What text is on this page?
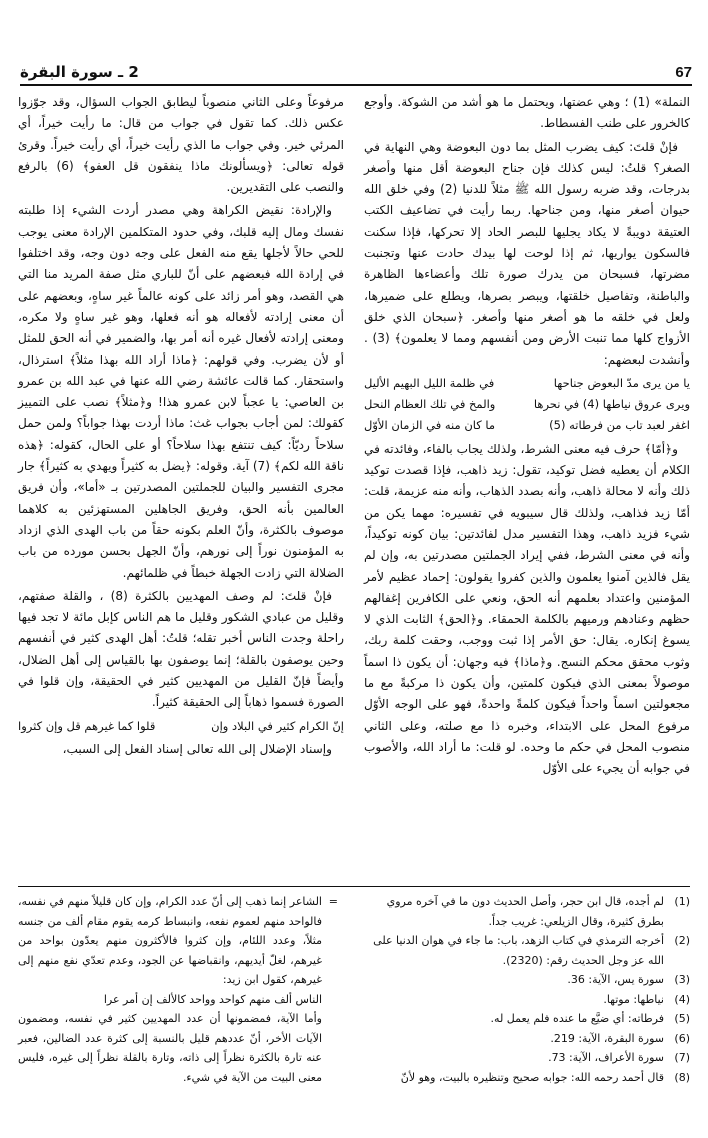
67
2 ـ سورة البقرة

النملة» (1) ؛ وهي عضتها، ويحتمل ما هو أشد من الشوكة. وأوجع كالخرور على طنب الفسطاط.

فإنْ قلتَ: كيف يضرب المثل بما دون البعوضة وهي النهاية في الصغر؟ قلتُ: ليس كذلك فإن جناح البعوضة أقل منها وأصغر بدرجات، وقد ضربه رسول الله ﷺ مثلاً للدنيا (2) وفي خلق الله حيوان أصغر منها، ومن جناحها. ربما رأيت في تضاعيف الكتب العتيقة دويبةً لا يكاد يجليها للبصر الحاد إلا تحركها، فإذا سكنت فالسكون يواريها، ثم إذا لوحت لها بيدك حادت عنها وتجنبت مضرتها، فسبحان من يدرك صورة تلك وأعضاءها الظاهرة والباطنة، وتفاصيل خلقتها، ويبصر بصرها، ويطلع على ضميرها، ولعل في خلقه ما هو أصغر منها وأصغر. ﴿سبحان الذي خلق الأزواج كلها مما تنبت الأرض ومن أنفسهم ومما لا يعلمون﴾ (3) . وأنشدت لبعضهم:

يا من يرى مدّ البعوض جناحها
في ظلمة الليل البهيم الأليل
ويرى عروق نياطها (4) في نحرها
والمخ في تلك العظام النحل
اغفر لعبد تاب من فرطاته (5)
ما كان منه في الزمان الأوّل

و﴿أمّا﴾ حرف فيه معنى الشرط، ولذلك يجاب بالفاء، وفائدته في الكلام أن يعطيه فضل توكيد، تقول: زيد ذاهب، فإذا قصدت توكيد ذلك وأنه لا محالة ذاهب، وأنه بصدد الذهاب، وأنه منه عزيمة، قلت: أمّا زيد فذاهب، ولذلك قال سيبويه في تفسيره: مهما يكن من شيء فزيد ذاهب، وهذا التفسير مدل لفائدتين: بيان كونه توكيداً، وأنه في معنى الشرط، ففي إيراد الجملتين مصدرتين به، وإن لم يقل فالذين آمنوا يعلمون والذين كفروا يقولون: إحماد عظيم لأمر المؤمنين واعتداد بعلمهم أنه الحق، ونعي على الكافرين إغفالهم حظهم وعنادهم ورميهم بالكلمة الحمقاء. و﴿الحق﴾ الثابت الذي لا يسوغ إنكاره. يقال: حق الأمر إذا ثبت ووجب، وحقت كلمة ربك، وثوب محقق محكم النسج. و﴿ماذا﴾ فيه وجهان: أن يكون ذا اسماً موصولاً بمعنى الذي فيكون كلمتين، وأن يكون ذا مركبةً مع ما مجعولتين اسماً واحداً فيكون كلمةً واحدةً، فهو على الوجه الأوّل مرفوع المحل على الابتداء، وخبره ذا مع صلته، وعلى الثاني منصوب المحل في حكم ما وحده. لو قلت: ما أراد الله، والأصوب في جوابه أن يجيء على الأوّل

مرفوعاً وعلى الثاني منصوباً ليطابق الجواب السؤال، وقد جوّزوا عكس ذلك. كما تقول في جواب من قال: ما رأيت خيراً، أي المرئي خير. وفي جواب ما الذي رأيت خيراً، أي رأيت خيراً. وقرئ قوله تعالى: ﴿ويسألونك ماذا ينفقون قل العفو﴾ (6) بالرفع والنصب على التقديرين.

والإرادة: نقيض الكراهة وهي مصدر أردت الشيء إذا طلبته نفسك ومال إليه قلبك، وفي حدود المتكلمين الإرادة معنى يوجب للحي حالاً لأجلها يقع منه الفعل على وجه دون وجه، وقد اختلفوا في إرادة الله فبعضهم على أنّ للباري مثل صفة المريد منا التي هي القصد، وهو أمر زائد على كونه عالماً غير ساهٍ، وبعضهم على أن معنى إرادته لأفعاله هو أنه فعلها، وهو غير ساهٍ ولا مكره، ومعنى إرادته لأفعال غيره أنه أمر بها، والضمير في أنه الحق للمثل أو لأن يضرب. وفي قولهم: ﴿ماذا أراد الله بهذا مثلاً﴾ استرذال، واستحقار. كما قالت عائشة رضي الله عنها في عبد الله بن عمرو بن العاصي: يا عجباً لابن عمرو هذا! و﴿مثلاً﴾ نصب على التمييز كقولك: لمن أجاب بجواب غث: ماذا أردت بهذا جواباً؟ ولمن حمل سلاحاً رديّاً: كيف تنتفع بهذا سلاحاً؟ أو على الحال، كقوله: ﴿هذه ناقة الله لكم﴾ (7) آية. وقوله: ﴿يضل به كثيراً ويهدي به كثيراً﴾ جار مجرى التفسير والبيان للجملتين المصدرتين بـ «أما»، وأن فريق العالمين بأنه الحق، وفريق الجاهلين المستهزئين به كلاهما موصوف بالكثرة، وأنّ العلم بكونه حقاً من باب الهدى الذي ازداد به المؤمنون نوراً إلى نورهم، وأنّ الجهل بحسن مورده من باب الضلالة التي زادت الجهلة خبطاً في ظلمائهم.

فإنْ قلتَ: لم وصف المهديين بالكثرة (8) ، والقلة صفتهم، وقليل من عبادي الشكور وقليل ما هم الناس كإبل مائة لا تجد فيها راحلة وجدت الناس أخبر تقله؛ قلتُ: أهل الهدى كثير في أنفسهم وحين يوصفون بالقلة؛ إنما يوصفون بها بالقياس إلى أهل الضلال، وأيضاً فإنّ القليل من المهديين كثير في الحقيقة، وإن قلوا في الصورة فسموا ذهاباً إلى الحقيقة كثيراً.

إنّ الكرام كثير في البلاد وإن
قلوا كما غيرهم قل وإن كثروا

وإسناد الإضلال إلى الله تعالى إسناد الفعل إلى السبب،

(1)
لم أجده، قال ابن حجر، وأصل الحديث دون ما في آخره مروي بطرق كثيرة، وقال الزيلعي: غريب جداً.
(2)
أخرجه الترمذي في كتاب الزهد، باب: ما جاء في هوان الدنيا على الله عز وجل الحديث رقم: (2320).
(3)
سورة يس، الآية: 36.
(4)
نياطها: موتها.
(5)
فرطاته: أي ضيَّع ما عنده فلم يعمل له.
(6)
سورة البقرة، الآية: 219.
(7)
سورة الأعراف، الآية: 73.
(8)
قال أحمد رحمه الله: جوابه صحيح وتنظيره بالبيت، وهو لأنّ
=
الشاعر إنما ذهب إلى أنّ عدد الكرام، وإن كان قليلاً منهم في نفسه، فالواحد منهم لعموم نفعه، وانبساط كرمه يقوم مقام ألف من جنسه مثلاً، وعدد اللئام، وإن كثروا فالأكثرون منهم يعدّون بواحد من غيرهم، لغلّ أيديهم، وانقباضها عن الجود، وعدم تعدّي نفع منهم إلى غيرهم، كقول ابن زيد:
الناس ألف منهم كواحد وواحد كالألف إن أمر عرا
وأما الآية، فمضمونها أن عدد المهديين كثير في نفسه، ومضمون الآيات الأخر، أنّ عددهم قليل بالنسبة إلى كثرة عدد الضالين، فعبر عنه تارة بالكثرة نظراً إلى ذاته، وتارة بالقلة نظراً إلى غيره، فليس معنى البيت من الآية في شيء.
